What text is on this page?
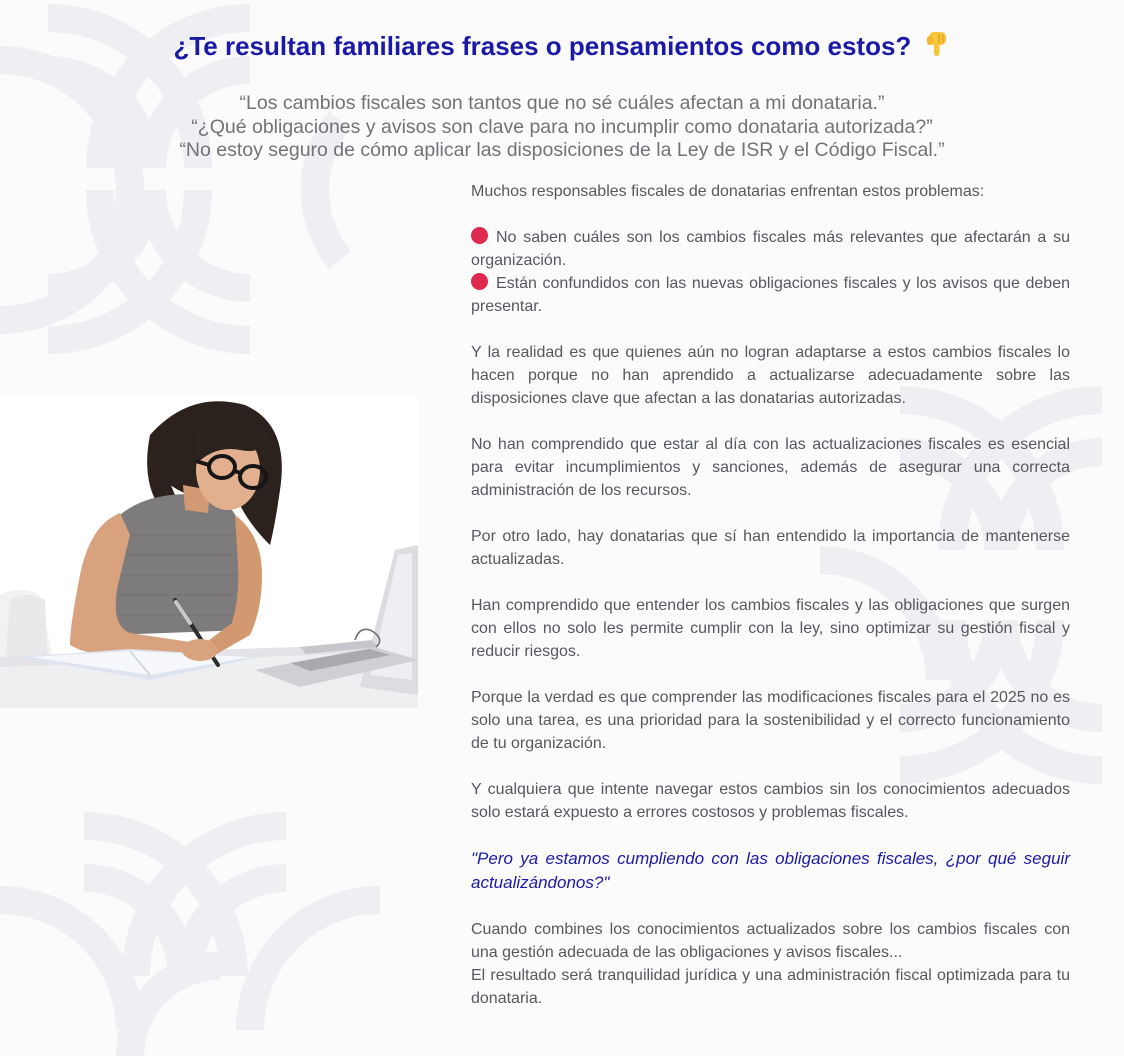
¿Te resultan familiares frases o pensamientos como estos?
“Los cambios fiscales son tantos que no sé cuáles afectan a mi donataria.”
“¿Qué obligaciones y avisos son clave para no incumplir como donataria autorizada?”
“No estoy seguro de cómo aplicar las disposiciones de la Ley de ISR y el Código Fiscal.”

Muchos responsables fiscales de donatarias enfrentan estos problemas:

No saben cuáles son los cambios fiscales más relevantes que afectarán a su organización.

Están confundidos con las nuevas obligaciones fiscales y los avisos que deben presentar.

Y la realidad es que quienes aún no logran adaptarse a estos cambios fiscales lo hacen porque no han aprendido a actualizarse adecuadamente sobre las disposiciones clave que afectan a las donatarias autorizadas.

No han comprendido que estar al día con las actualizaciones fiscales es esencial para evitar incumplimientos y sanciones, además de asegurar una correcta administración de los recursos.

Por otro lado, hay donatarias que sí han entendido la importancia de mantenerse actualizadas.

Han comprendido que entender los cambios fiscales y las obligaciones que surgen con ellos no solo les permite cumplir con la ley, sino optimizar su gestión fiscal y reducir riesgos.

Porque la verdad es que comprender las modificaciones fiscales para el 2025 no es solo una tarea, es una prioridad para la sostenibilidad y el correcto funcionamiento de tu organización.

Y cualquiera que intente navegar estos cambios sin los conocimientos adecuados solo estará expuesto a errores costosos y problemas fiscales.

"Pero ya estamos cumpliendo con las obligaciones fiscales, ¿por qué seguir actualizándonos?"

Cuando combines los conocimientos actualizados sobre los cambios fiscales con una gestión adecuada de las obligaciones y avisos fiscales...

El resultado será tranquilidad jurídica y una administración fiscal optimizada para tu donataria.
